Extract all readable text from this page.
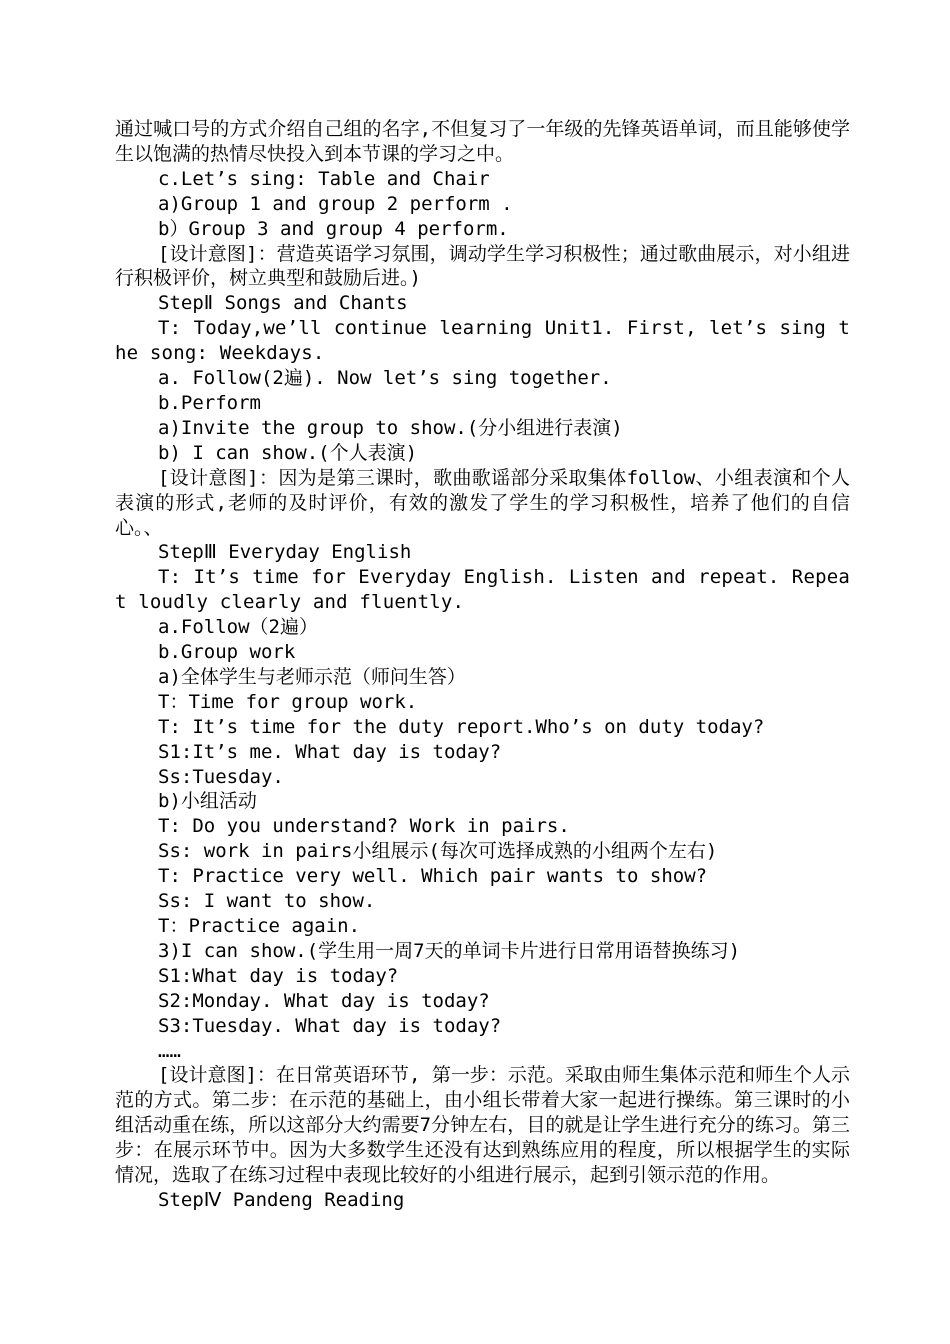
通过喊口号的方式介绍自己组的名字,不但复习了一年级的先锋英语单词，而且能够使学生以饱满的热情尽快投入到本节课的学习之中。

c.Let’s sing: Table and Chair

a)Group 1 and group 2 perform .

b）Group 3 and group 4 perform.

[设计意图]：营造英语学习氛围，调动学生学习积极性；通过歌曲展示，对小组进行积极评价，树立典型和鼓励后进。)

StepⅡ Songs and Chants

T: Today,we’ll continue learning Unit1. First, let’s sing the song: Weekdays.

a. Follow(2遍). Now let’s sing together.

b.Perform

a)Invite the group to show.(分小组进行表演)

b) I can show.(个人表演)

[设计意图]：因为是第三课时，歌曲歌谣部分采取集体follow、小组表演和个人表演的形式,老师的及时评价，有效的激发了学生的学习积极性，培养了他们的自信心。、

StepⅢ Everyday English

T: It’s time for Everyday English. Listen and repeat. Repeat loudly clearly and fluently.

a.Follow（2遍）

b.Group work

a)全体学生与老师示范（师问生答）

T：Time for group work.

T: It’s time for the duty report.Who’s on duty today?

S1:It’s me. What day is today?

Ss:Tuesday.

b)小组活动

T: Do you understand? Work in pairs.

Ss: work in pairs小组展示(每次可选择成熟的小组两个左右)

T: Practice very well. Which pair wants to show?

Ss: I want to show.

T：Practice again.

3)I can show.(学生用一周7天的单词卡片进行日常用语替换练习)

S1:What day is today?

S2:Monday. What day is today?

S3:Tuesday. What day is today?

……

[设计意图]：在日常英语环节, 第一步：示范。采取由师生集体示范和师生个人示范的方式。第二步：在示范的基础上，由小组长带着大家一起进行操练。第三课时的小组活动重在练，所以这部分大约需要7分钟左右，目的就是让学生进行充分的练习。第三步：在展示环节中。因为大多数学生还没有达到熟练应用的程度，所以根据学生的实际情况，选取了在练习过程中表现比较好的小组进行展示，起到引领示范的作用。

StepⅣ Pandeng Reading
